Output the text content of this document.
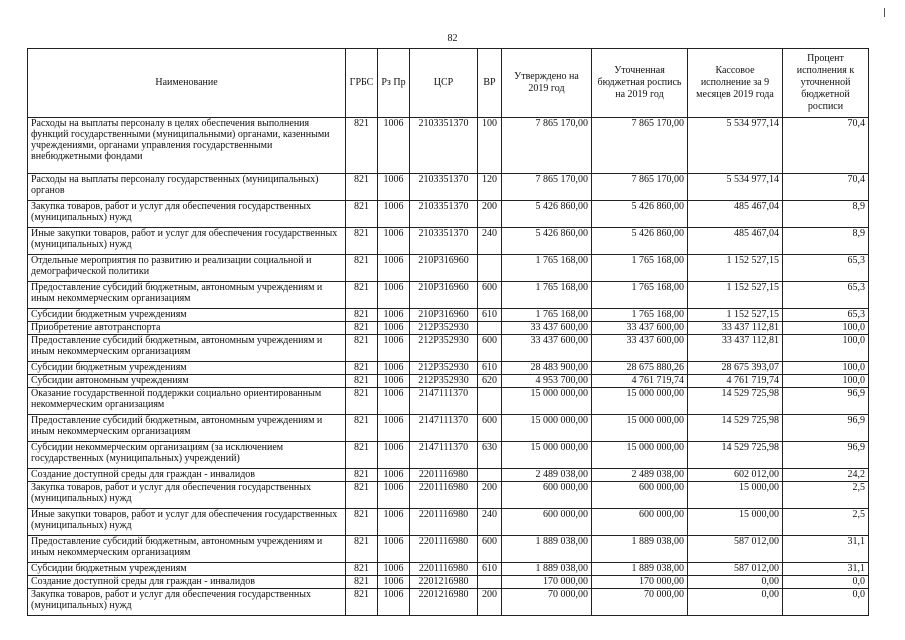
82
Наименование	ГРБС	Рз Пр	ЦСР	ВР	Утверждено на 2019 год	Уточненная бюджетная роспись на 2019 год	Кассовое исполнение за 9 месяцев 2019 года	Процент исполнения к уточненной бюджетной росписи
Расходы на выплаты персоналу в целях обеспечения выполнения функций государственными (муниципальными) органами, казенными учреждениями, органами управления государственными внебюджетными фондами	821	1006	2103351370	100	7 865 170,00	7 865 170,00	5 534 977,14	70,4
Расходы на выплаты персоналу государственных (муниципальных) органов	821	1006	2103351370	120	7 865 170,00	7 865 170,00	5 534 977,14	70,4
Закупка товаров, работ и услуг для обеспечения государственных (муниципальных) нужд	821	1006	2103351370	200	5 426 860,00	5 426 860,00	485 467,04	8,9
Иные закупки товаров, работ и услуг для обеспечения государственных (муниципальных) нужд	821	1006	2103351370	240	5 426 860,00	5 426 860,00	485 467,04	8,9
Отдельные мероприятия по развитию и реализации социальной и демографической политики	821	1006	210Р316960		1 765 168,00	1 765 168,00	1 152 527,15	65,3
Предоставление субсидий бюджетным, автономным учреждениям и иным некоммерческим организациям	821	1006	210Р316960	600	1 765 168,00	1 765 168,00	1 152 527,15	65,3
Субсидии бюджетным учреждениям	821	1006	210Р316960	610	1 765 168,00	1 765 168,00	1 152 527,15	65,3
Приобретение автотранспорта	821	1006	212Р352930		33 437 600,00	33 437 600,00	33 437 112,81	100,0
Предоставление субсидий бюджетным, автономным учреждениям и иным некоммерческим организациям	821	1006	212Р352930	600	33 437 600,00	33 437 600,00	33 437 112,81	100,0
Субсидии бюджетным учреждениям	821	1006	212Р352930	610	28 483 900,00	28 675 880,26	28 675 393,07	100,0
Субсидии автономным учреждениям	821	1006	212Р352930	620	4 953 700,00	4 761 719,74	4 761 719,74	100,0
Оказание государственной поддержки социально ориентированным некоммерческим организациям	821	1006	2147111370		15 000 000,00	15 000 000,00	14 529 725,98	96,9
Предоставление субсидий бюджетным, автономным учреждениям и иным некоммерческим организациям	821	1006	2147111370	600	15 000 000,00	15 000 000,00	14 529 725,98	96,9
Субсидии некоммерческим организациям (за исключением государственных (муниципальных) учреждений)	821	1006	2147111370	630	15 000 000,00	15 000 000,00	14 529 725,98	96,9
Создание доступной среды для граждан - инвалидов	821	1006	2201116980		2 489 038,00	2 489 038,00	602 012,00	24,2
Закупка товаров, работ и услуг для обеспечения государственных (муниципальных) нужд	821	1006	2201116980	200	600 000,00	600 000,00	15 000,00	2,5
Иные закупки товаров, работ и услуг для обеспечения государственных (муниципальных) нужд	821	1006	2201116980	240	600 000,00	600 000,00	15 000,00	2,5
Предоставление субсидий бюджетным, автономным учреждениям и иным некоммерческим организациям	821	1006	2201116980	600	1 889 038,00	1 889 038,00	587 012,00	31,1
Субсидии бюджетным учреждениям	821	1006	2201116980	610	1 889 038,00	1 889 038,00	587 012,00	31,1
Создание доступной среды для граждан - инвалидов	821	1006	2201216980		170 000,00	170 000,00	0,00	0,0
Закупка товаров, работ и услуг для обеспечения государственных (муниципальных) нужд	821	1006	2201216980	200	70 000,00	70 000,00	0,00	0,0
